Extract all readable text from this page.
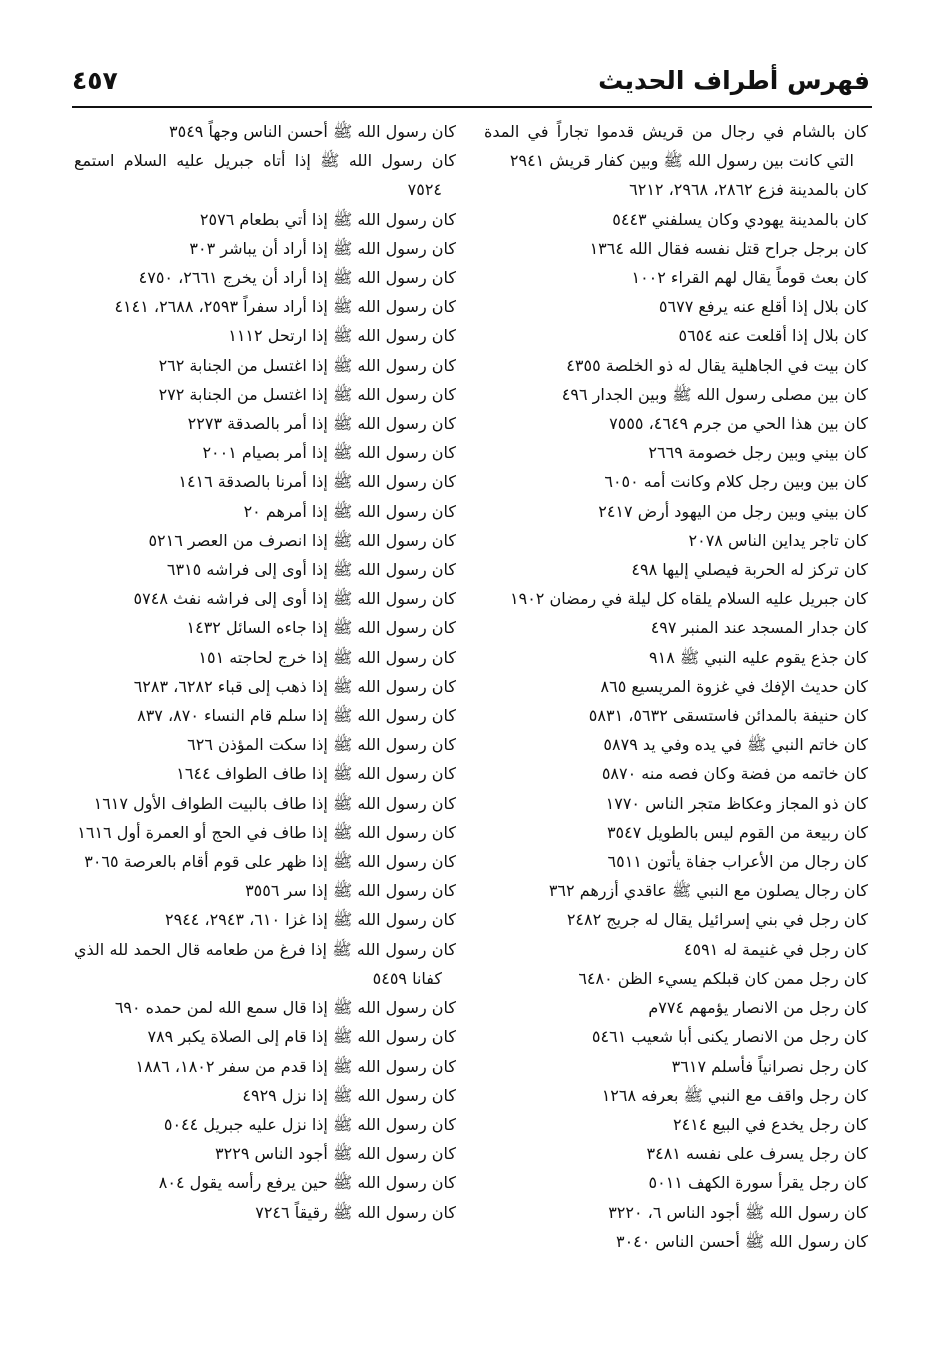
فهرس أطراف الحديث
٤٥٧
كان بالشام في رجال من قريش قدموا تجاراً في المدة التي كانت بين رسول الله ﷺ وبين كفار قريش ٢٩٤١
كان بالمدينة فزع ٢٨٦٢، ٢٩٦٨، ٦٢١٢
كان بالمدينة يهودي وكان يسلفني ٥٤٤٣
كان برجل جراح قتل نفسه فقال الله ١٣٦٤
كان بعث قوماً يقال لهم القراء ١٠٠٢
كان بلال إذا أقلع عنه يرفع ٥٦٧٧
كان بلال إذا أقلعت عنه ٥٦٥٤
كان بيت في الجاهلية يقال له ذو الخلصة ٤٣٥٥
كان بين مصلى رسول الله ﷺ وبين الجدار ٤٩٦
كان بين هذا الحي من جرم ٤٦٤٩، ٧٥٥٥
كان بيني وبين رجل خصومة ٢٦٦٩
كان بين وبين رجل كلام وكانت أمه ٦٠٥٠
كان بيني وبين رجل من اليهود أرض ٢٤١٧
كان تاجر يداين الناس ٢٠٧٨
كان تركز له الحربة فيصلي إليها ٤٩٨
كان جبريل عليه السلام يلقاه كل ليلة في رمضان ١٩٠٢
كان جدار المسجد عند المنبر ٤٩٧
كان جذع يقوم عليه النبي ﷺ ٩١٨
كان حديث الإفك في غزوة المريسيع ٨٦٥
كان حنيفة بالمدائن فاستسقى ٥٦٣٢، ٥٨٣١
كان خاتم النبي ﷺ في يده وفي يد ٥٨٧٩
كان خاتمه من فضة وكان فصه منه ٥٨٧٠
كان ذو المجاز وعكاظ متجر الناس ١٧٧٠
كان ربيعة من القوم ليس بالطويل ٣٥٤٧
كان رجال من الأعراب جفاة يأتون ٦٥١١
كان رجال يصلون مع النبي ﷺ عاقدي أزرهم ٣٦٢
كان رجل في بني إسرائيل يقال له جريج ٢٤٨٢
كان رجل في غنيمة له ٤٥٩١
كان رجل ممن كان قبلكم يسيء الظن ٦٤٨٠
كان رجل من الانصار يؤمهم ٧٧٤م
كان رجل من الانصار يكنى أبا شعيب ٥٤٦١
كان رجل نصرانياً فأسلم ٣٦١٧
كان رجل واقف مع النبي ﷺ بعرفه ١٢٦٨
كان رجل يخدع في البيع ٢٤١٤
كان رجل يسرف على نفسه ٣٤٨١
كان رجل يقرأ سورة الكهف ٥٠١١
كان رسول الله ﷺ أجود الناس ٦، ٣٢٢٠
كان رسول الله ﷺ أحسن الناس ٣٠٤٠
كان رسول الله ﷺ أحسن الناس وجهاً ٣٥٤٩
كان رسول الله ﷺ إذا أتاه جبريل عليه السلام استمع ٧٥٢٤
كان رسول الله ﷺ إذا أتي بطعام ٢٥٧٦
كان رسول الله ﷺ إذا أراد أن يباشر ٣٠٣
كان رسول الله ﷺ إذا أراد أن يخرج ٢٦٦١، ٤٧٥٠
كان رسول الله ﷺ إذا أراد سفراً ٢٥٩٣، ٢٦٨٨، ٤١٤١
كان رسول الله ﷺ إذا ارتحل ١١١٢
كان رسول الله ﷺ إذا اغتسل من الجنابة ٢٦٢
كان رسول الله ﷺ إذا اغتسل من الجنابة ٢٧٢
كان رسول الله ﷺ إذا أمر بالصدقة ٢٢٧٣
كان رسول الله ﷺ إذا أمر بصيام ٢٠٠١
كان رسول الله ﷺ إذا أمرنا بالصدقة ١٤١٦
كان رسول الله ﷺ إذا أمرهم ٢٠
كان رسول الله ﷺ إذا انصرف من العصر ٥٢١٦
كان رسول الله ﷺ إذا أوى إلى فراشه ٦٣١٥
كان رسول الله ﷺ إذا أوى إلى فراشه نفث ٥٧٤٨
كان رسول الله ﷺ إذا جاءه السائل ١٤٣٢
كان رسول الله ﷺ إذا خرج لحاجته ١٥١
كان رسول الله ﷺ إذا ذهب إلى قباء ٦٢٨٢، ٦٢٨٣
كان رسول الله ﷺ إذا سلم قام النساء ٨٧٠، ٨٣٧
كان رسول الله ﷺ إذا سكت المؤذن ٦٢٦
كان رسول الله ﷺ إذا طاف الطواف ١٦٤٤
كان رسول الله ﷺ إذا طاف بالبيت الطواف الأول ١٦١٧
كان رسول الله ﷺ إذا طاف في الحج أو العمرة أول ١٦١٦
كان رسول الله ﷺ إذا ظهر على قوم أقام بالعرصة ٣٠٦٥
كان رسول الله ﷺ إذا سر ٣٥٥٦
كان رسول الله ﷺ إذا غزا ٦١٠، ٢٩٤٣، ٢٩٤٤
كان رسول الله ﷺ إذا فرغ من طعامه قال الحمد لله الذي كفانا ٥٤٥٩
كان رسول الله ﷺ إذا قال سمع الله لمن حمده ٦٩٠
كان رسول الله ﷺ إذا قام إلى الصلاة يكبر ٧٨٩
كان رسول الله ﷺ إذا قدم من سفر ١٨٠٢، ١٨٨٦
كان رسول الله ﷺ إذا نزل ٤٩٢٩
كان رسول الله ﷺ إذا نزل عليه جبريل ٥٠٤٤
كان رسول الله ﷺ أجود الناس ٣٢٢٩
كان رسول الله ﷺ حين يرفع رأسه يقول ٨٠٤
كان رسول الله ﷺ رقيقاً ٧٢٤٦
